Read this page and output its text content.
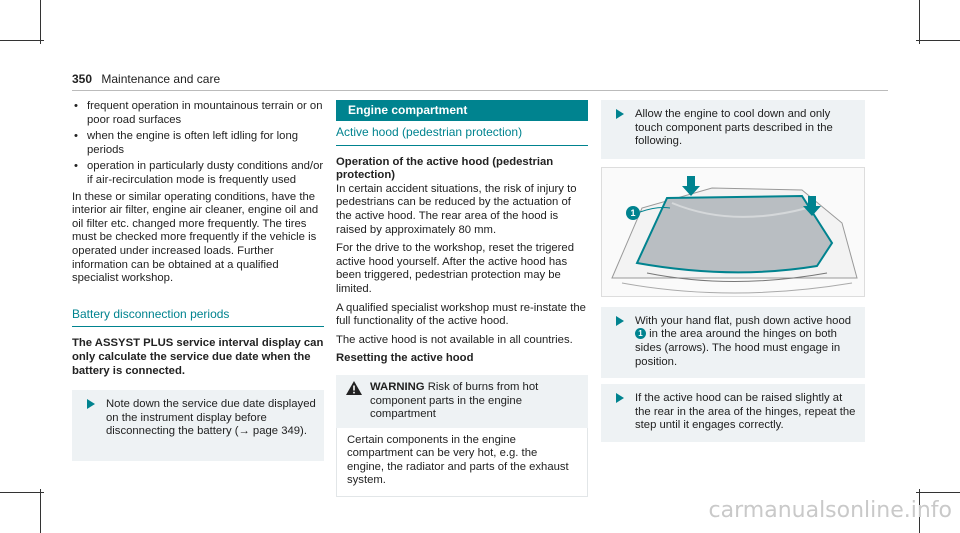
350 Maintenance and care

• frequent operation in mountainous terrain or on poor road surfaces

• when the engine is often left idling for long periods

• operation in particularly dusty conditions and/or if air-recirculation mode is frequently used

In these or similar operating conditions, have the interior air filter, engine air cleaner, engine oil and oil filter etc. changed more frequently. The tires must be checked more frequently if the vehicle is operated under increased loads. Further information can be obtained at a qualified specialist workshop.

Battery disconnection periods

The ASSYST PLUS service interval display can only calculate the service due date when the battery is connected.

Note down the service due date displayed on the instrument display before disconnecting the battery (→ page 349).
Engine compartment

Active hood (pedestrian protection)

Operation of the active hood (pedestrian protection)

In certain accident situations, the risk of injury to pedestrians can be reduced by the actuation of the active hood. The rear area of the hood is raised by approximately 80 mm.

For the drive to the workshop, reset the trigered active hood yourself. After the active hood has been triggered, pedestrian protection may be limited.

A qualified specialist workshop must re-instate the full functionality of the active hood.

The active hood is not available in all countries.

Resetting the active hood

WARNING Risk of burns from hot component parts in the engine compartment
Certain components in the engine compartment can be very hot, e.g. the engine, the radiator and parts of the exhaust system.
Allow the engine to cool down and only touch component parts described in the following.
1
With your hand flat, push down active hood 1 in the area around the hinges on both sides (arrows). The hood must engage in position.
If the active hood can be raised slightly at the rear in the area of the hinges, repeat the step until it engages correctly.
carmanualsonline.info
